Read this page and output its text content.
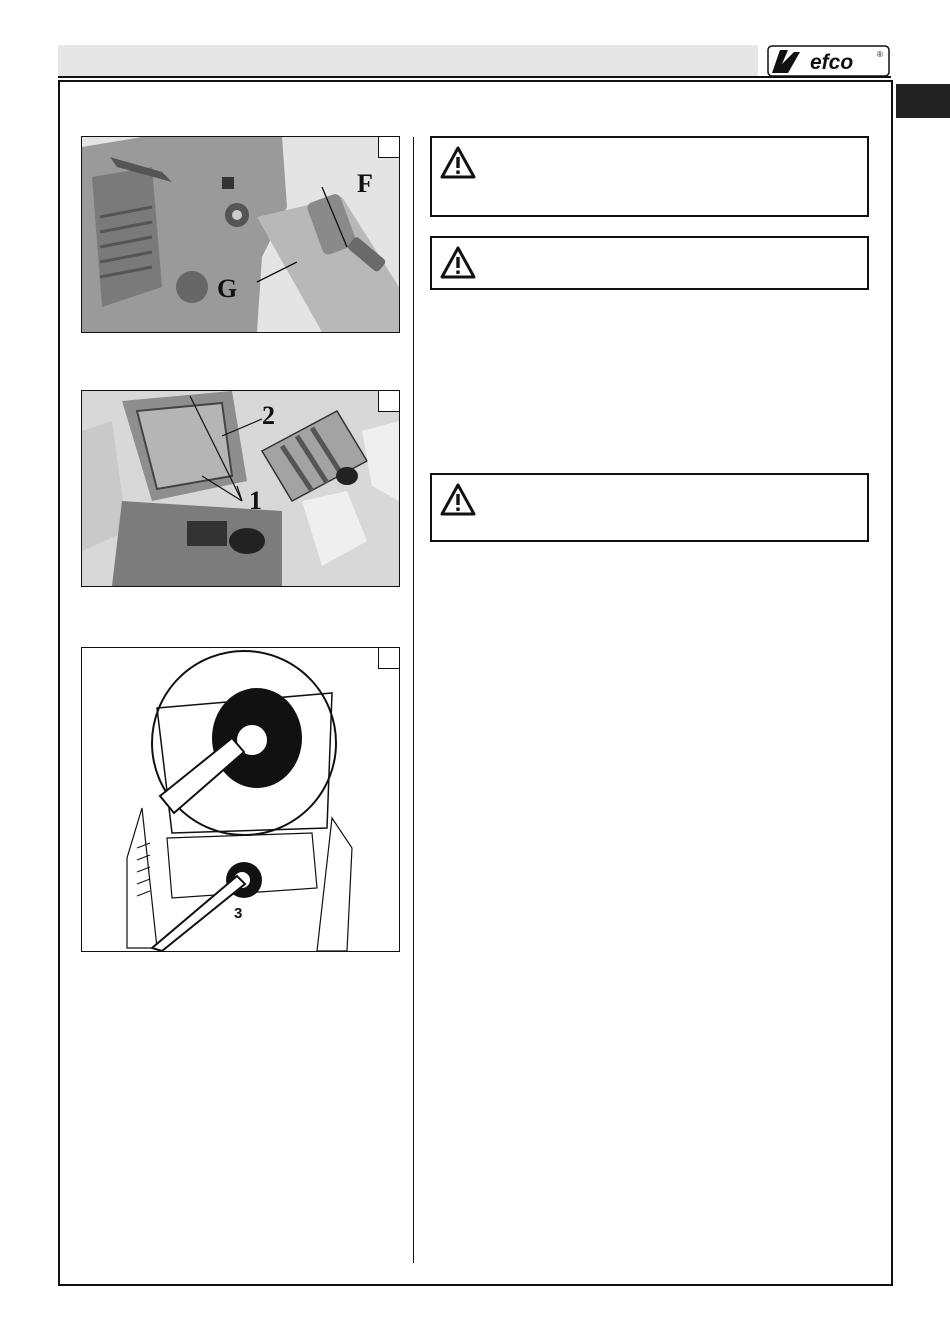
efco	®
F
G
2
1
3
